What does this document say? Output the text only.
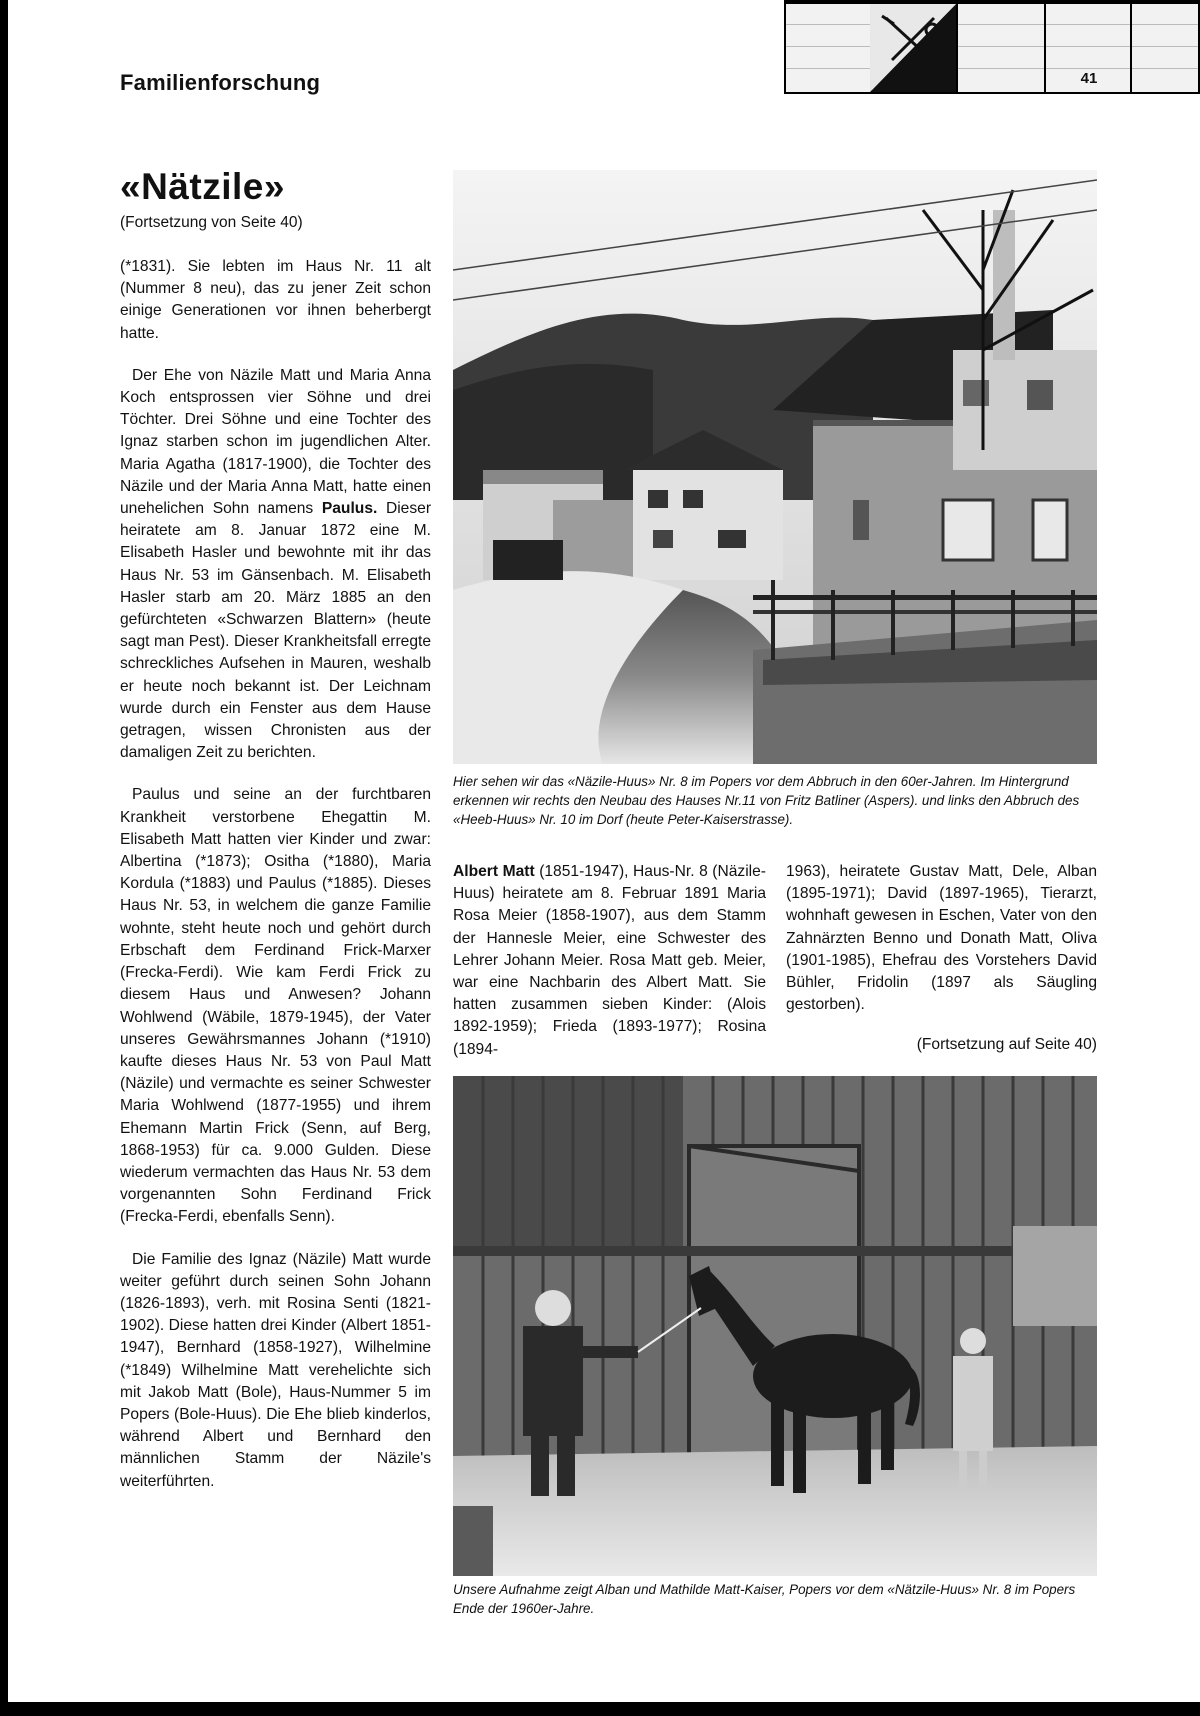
Familienforschung	41
«Nätzile»
(Fortsetzung von Seite 40)

(*1831). Sie lebten im Haus Nr. 11 alt (Nummer 8 neu), das zu jener Zeit schon einige Generationen vor ihnen beherbergt hatte.

Der Ehe von Näzile Matt und Maria Anna Koch entsprossen vier Söhne und drei Töchter. Drei Söhne und eine Tochter des Ignaz starben schon im jugendlichen Alter. Maria Agatha (1817-1900), die Tochter des Näzile und der Maria Anna Matt, hatte einen unehelichen Sohn namens Paulus. Dieser heiratete am 8. Januar 1872 eine M. Elisabeth Hasler und bewohnte mit ihr das Haus Nr. 53 im Gänsenbach. M. Elisabeth Hasler starb am 20. März 1885 an den gefürchteten «Schwarzen Blattern» (heute sagt man Pest). Dieser Krankheitsfall erregte schreckliches Aufsehen in Mauren, weshalb er heute noch bekannt ist. Der Leichnam wurde durch ein Fenster aus dem Hause getragen, wissen Chronisten aus der damaligen Zeit zu berichten.

Paulus und seine an der furchtbaren Krankheit verstorbene Ehegattin M. Elisabeth Matt hatten vier Kinder und zwar: Albertina (*1873); Ositha (*1880), Maria Kordula (*1883) und Paulus (*1885). Dieses Haus Nr. 53, in welchem die ganze Familie wohnte, steht heute noch und gehört durch Erbschaft dem Ferdinand Frick-Marxer (Frecka-Ferdi). Wie kam Ferdi Frick zu diesem Haus und Anwesen? Johann Wohlwend (Wäbile, 1879-1945), der Vater unseres Gewährsmannes Johann (*1910) kaufte dieses Haus Nr. 53 von Paul Matt (Näzile) und vermachte es seiner Schwester Maria Wohlwend (1877-1955) und ihrem Ehemann Martin Frick (Senn, auf Berg, 1868-1953) für ca. 9.000 Gulden. Diese wiederum vermachten das Haus Nr. 53 dem vorgenannten Sohn Ferdinand Frick (Frecka-Ferdi, ebenfalls Senn).

Die Familie des Ignaz (Näzile) Matt wurde weiter geführt durch seinen Sohn Johann (1826-1893), verh. mit Rosina Senti (1821-1902). Diese hatten drei Kinder (Albert 1851-1947), Bernhard (1858-1927), Wilhelmine (*1849) Wilhelmine Matt verehelichte sich mit Jakob Matt (Bole), Haus-Nummer 5 im Popers (Bole-Huus). Die Ehe blieb kinderlos, während Albert und Bernhard den männlichen Stamm der Näzile's weiterführten.

Hier sehen wir das «Näzile-Huus» Nr. 8 im Popers vor dem Abbruch in den 60er-Jahren. Im Hintergrund erkennen wir rechts den Neubau des Hauses Nr.11 von Fritz Batliner (Aspers). und links den Abbruch des «Heeb-Huus» Nr. 10 im Dorf (heute Peter-Kaiserstrasse).

Albert Matt (1851-1947), Haus-Nr. 8 (Näzile-Huus) heiratete am 8. Februar 1891 Maria Rosa Meier (1858-1907), aus dem Stamm der Hannesle Meier, eine Schwester des Lehrer Johann Meier. Rosa Matt geb. Meier, war eine Nachbarin des Albert Matt. Sie hatten zusammen sieben Kinder: (Alois 1892-1959); Frieda (1893-1977); Rosina (1894-

1963), heiratete Gustav Matt, Dele, Alban (1895-1971); David (1897-1965), Tierarzt, wohnhaft gewesen in Eschen, Vater von den Zahnärzten Benno und Donath Matt, Oliva (1901-1985), Ehefrau des Vorstehers David Bühler, Fridolin (1897 als Säugling gestorben).

(Fortsetzung auf Seite 40)
Unsere Aufnahme zeigt Alban und Mathilde Matt-Kaiser, Popers vor dem «Nätzile-Huus» Nr. 8 im Popers Ende der 1960er-Jahre.
